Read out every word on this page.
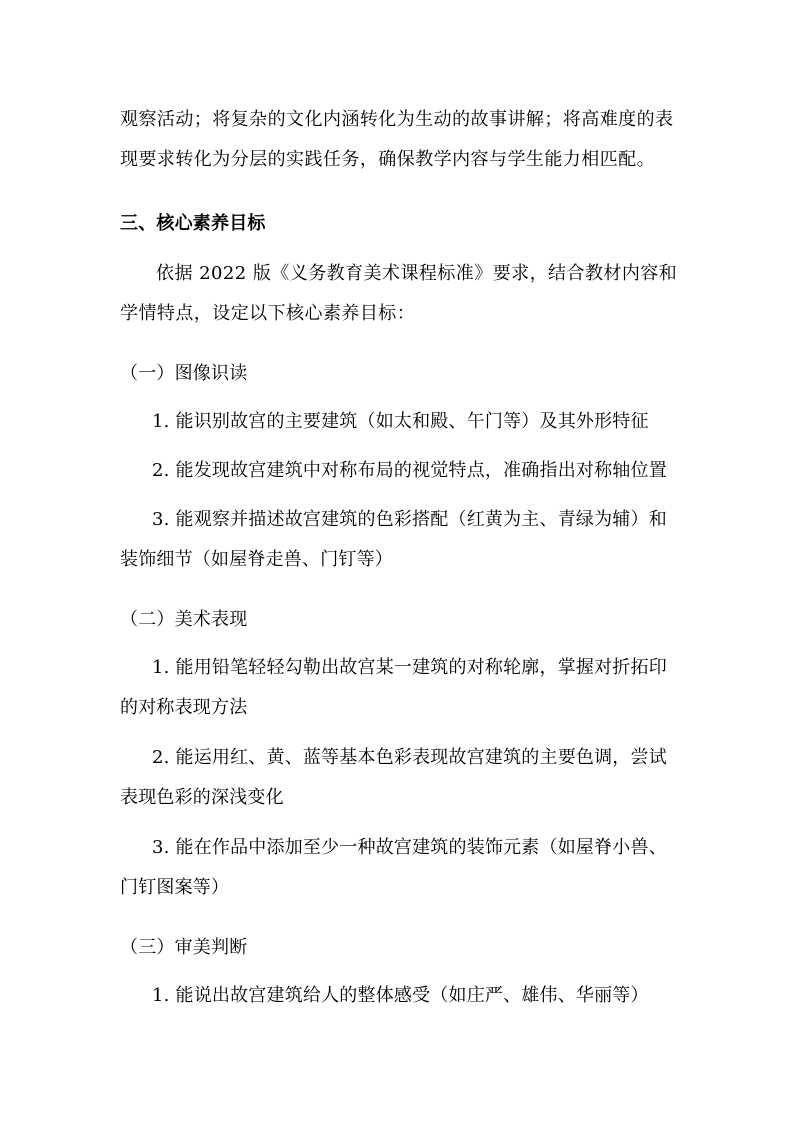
观察活动；将复杂的文化内涵转化为生动的故事讲解；将高难度的表
现要求转化为分层的实践任务，确保教学内容与学生能力相匹配。
三、核心素养目标
依据 2022 版《义务教育美术课程标准》要求，结合教材内容和
学情特点，设定以下核心素养目标：
（一）图像识读
1. 能识别故宫的主要建筑（如太和殿、午门等）及其外形特征
2. 能发现故宫建筑中对称布局的视觉特点，准确指出对称轴位置
3. 能观察并描述故宫建筑的色彩搭配（红黄为主、青绿为辅）和
装饰细节（如屋脊走兽、门钉等）
（二）美术表现
1. 能用铅笔轻轻勾勒出故宫某一建筑的对称轮廓，掌握对折拓印
的对称表现方法
2. 能运用红、黄、蓝等基本色彩表现故宫建筑的主要色调，尝试
表现色彩的深浅变化
3. 能在作品中添加至少一种故宫建筑的装饰元素（如屋脊小兽、
门钉图案等）
（三）审美判断
1. 能说出故宫建筑给人的整体感受（如庄严、雄伟、华丽等）
